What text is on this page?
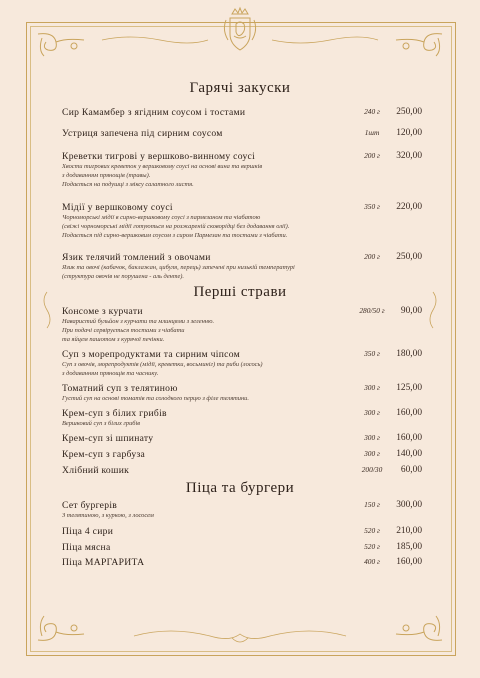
Гарячі закуски
Сир Камамбер з ягідним соусом і тостами	240 г	250,00
Устриця запечена під сирним соусом	1шт	120,00
Креветки тигрові у вершково-винному соусі
Хвости тигрових креветок у вершковому соусі на основі вина та вершків
з додаванням прянощів (травы).
Подається на подушці з міксу салатного листя.
200 г	320,00
Мідії у вершковому соусі
Чорноморські мідії в сирно-вершковому соусі з пармезаном та чіабатою
(свіжі чорноморські мідії готуються на розжареній сковорідці без додавання олії).
Подається під сирно-вершковим соусом з сиром Пармезан та тостами з чіабати.
350 г	220,00
Язик телячий томлений з овочами
Язик та овочі (кабачок, баклажан, цибуля, перець) запечені при низькій температурі
(структура овочів не порушена - аль денте).
200 г	250,00
Перші страви
Консоме з курчати
Наваристий бульйон з курчати та млинцями з зеленню.
При подачі сервірується тостами з чіабати
та яйцем пашотом з курячої печінки.
280/50 г	90,00
Суп з морепродуктами та сирним чіпсом
Суп з овочів, морепродуктів (мідії, креветки, восьминіг) та риби (лосось)
з додаванням прянощів та часнику.
350 г	180,00
Томатний суп з телятиною
Густий суп на основі томатів та солодкого перцю з філе телятини.
300 г	125,00
Крем-суп з білих грибів
Вершковий суп з білих грибів
300 г	160,00
Крем-суп зі шпинату	300 г	160,00
Крем-суп з гарбуза	300 г	140,00
Хлібний кошик	200/30	60,00
Піца та бургери
Сет бургерів
З телятиною, з куркою, з лососем
150 г	300,00
Піца 4 сири	520 г	210,00
Піца мясна	520 г	185,00
Піца МАРГАРИТА	400 г	160,00
